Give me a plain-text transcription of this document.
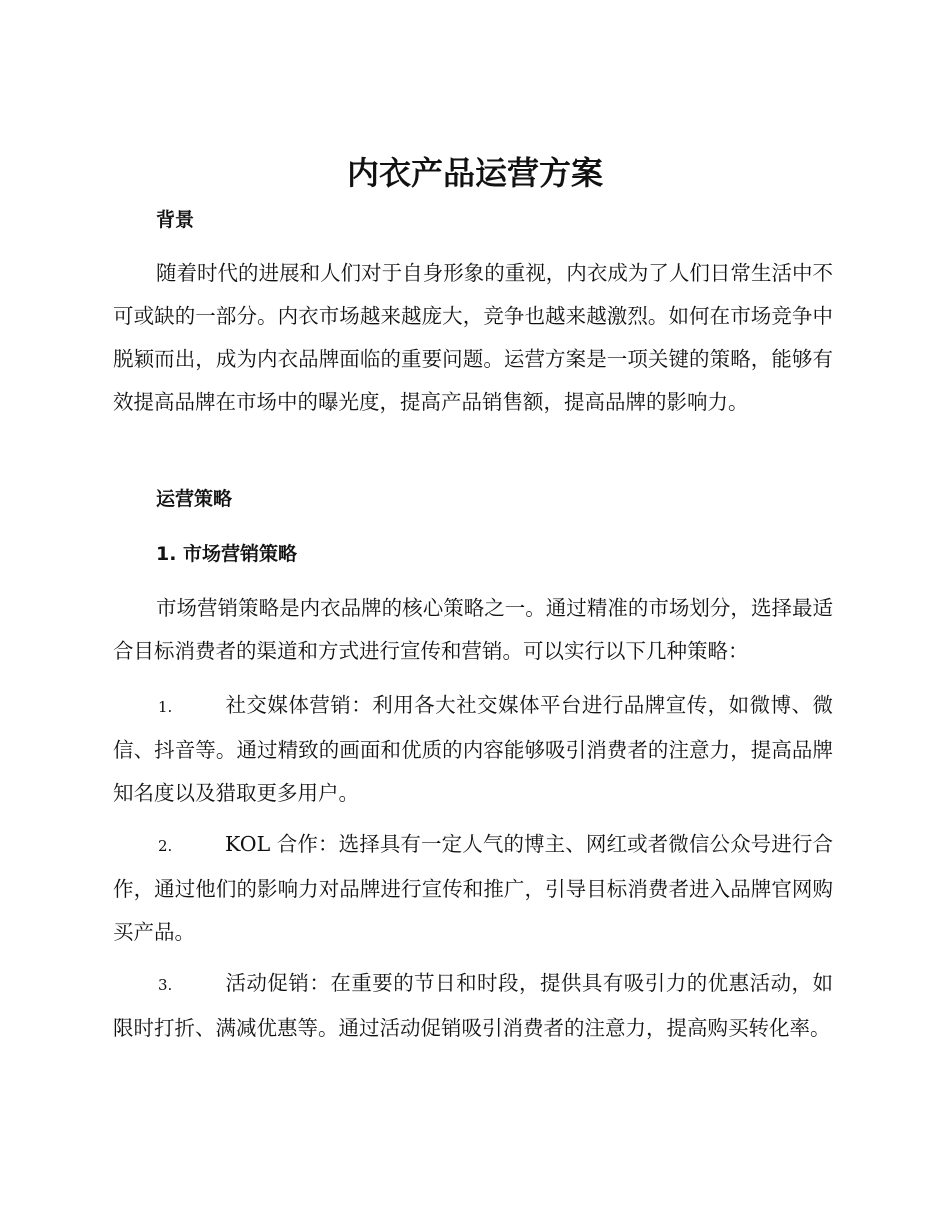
内衣产品运营方案
背景

随着时代的进展和人们对于自身形象的重视，内衣成为了人们日常生活中不可或缺的一部分。内衣市场越来越庞大，竞争也越来越激烈。如何在市场竞争中脱颖而出，成为内衣品牌面临的重要问题。运营方案是一项关键的策略，能够有效提高品牌在市场中的曝光度，提高产品销售额，提高品牌的影响力。

运营策略
1. 市场营销策略

市场营销策略是内衣品牌的核心策略之一。通过精准的市场划分，选择最适合目标消费者的渠道和方式进行宣传和营销。可以实行以下几种策略：

1.	社交媒体营销：利用各大社交媒体平台进行品牌宣传，如微博、微信、抖音等。通过精致的画面和优质的内容能够吸引消费者的注意力，提高品牌知名度以及猎取更多用户。
2.	KOL 合作：选择具有一定人气的博主、网红或者微信公众号进行合作，通过他们的影响力对品牌进行宣传和推广，引导目标消费者进入品牌官网购买产品。
3.	活动促销：在重要的节日和时段，提供具有吸引力的优惠活动，如限时打折、满减优惠等。通过活动促销吸引消费者的注意力，提高购买转化率。
